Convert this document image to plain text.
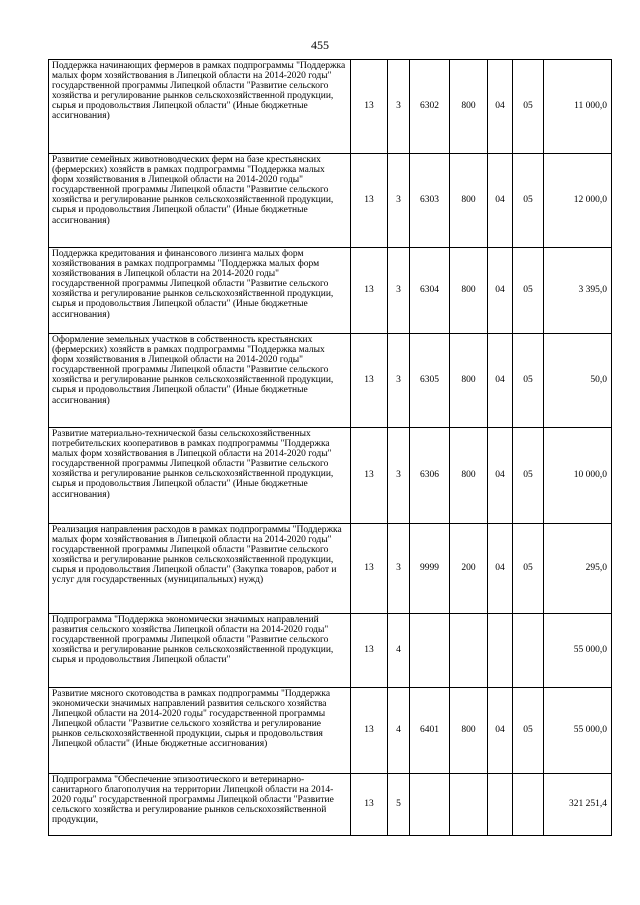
455
Поддержка начинающих фермеров в рамках подпрограммы "Поддержка малых форм хозяйствования в Липецкой области на 2014-2020 годы" государственной программы Липецкой области "Развитие сельского хозяйства и регулирование рынков сельскохозяйственной продукции, сырья и продовольствия Липецкой области" (Иные бюджетные ассигнования)	13	3	6302	800	04	05	11 000,0
Развитие семейных животноводческих ферм на базе крестьянских (фермерских) хозяйств в рамках подпрограммы "Поддержка малых форм хозяйствования в Липецкой области на 2014-2020 годы" государственной программы Липецкой области "Развитие сельского хозяйства и регулирование рынков сельскохозяйственной продукции, сырья и продовольствия Липецкой области" (Иные бюджетные ассигнования)	13	3	6303	800	04	05	12 000,0
Поддержка кредитования и финансового лизинга малых форм хозяйствования в рамках подпрограммы "Поддержка малых форм хозяйствования в Липецкой области на 2014-2020 годы" государственной программы Липецкой области "Развитие сельского хозяйства и регулирование рынков сельскохозяйственной продукции, сырья и продовольствия Липецкой области" (Иные бюджетные ассигнования)	13	3	6304	800	04	05	3 395,0
Оформление земельных участков в собственность крестьянских (фермерских) хозяйств в рамках подпрограммы "Поддержка малых форм хозяйствования в Липецкой области на 2014-2020 годы" государственной программы Липецкой области "Развитие сельского хозяйства и регулирование рынков сельскохозяйственной продукции, сырья и продовольствия Липецкой области" (Иные бюджетные ассигнования)	13	3	6305	800	04	05	50,0
Развитие материально-технической базы сельскохозяйственных потребительских кооперативов в рамках подпрограммы "Поддержка малых форм хозяйствования в Липецкой области на 2014-2020 годы" государственной программы Липецкой области "Развитие сельского хозяйства и регулирование рынков сельскохозяйственной продукции, сырья и продовольствия Липецкой области" (Иные бюджетные ассигнования)	13	3	6306	800	04	05	10 000,0
Реализация направления расходов в рамках подпрограммы "Поддержка малых форм хозяйствования в Липецкой области на 2014-2020 годы" государственной программы Липецкой области "Развитие сельского хозяйства и регулирование рынков сельскохозяйственной продукции, сырья и продовольствия Липецкой области" (Закупка товаров, работ и услуг для государственных (муниципальных) нужд)	13	3	9999	200	04	05	295,0
Подпрограмма "Поддержка экономически значимых направлений развития сельского хозяйства Липецкой области на 2014-2020 годы" государственной программы Липецкой области "Развитие сельского хозяйства и регулирование рынков сельскохозяйственной продукции, сырья и продовольствия Липецкой области"	13	4					55 000,0
Развитие мясного скотоводства в рамках подпрограммы "Поддержка экономически значимых направлений развития сельского хозяйства Липецкой области на 2014-2020 годы" государственной программы Липецкой области "Развитие сельского хозяйства и регулирование рынков сельскохозяйственной продукции, сырья и продовольствия Липецкой области" (Иные бюджетные ассигнования)	13	4	6401	800	04	05	55 000,0
Подпрограмма "Обеспечение эпизоотического и ветеринарно-санитарного благополучия на территории Липецкой области на 2014-2020 годы" государственной программы Липецкой области "Развитие сельского хозяйства и регулирование рынков сельскохозяйственной продукции,	13	5					321 251,4
